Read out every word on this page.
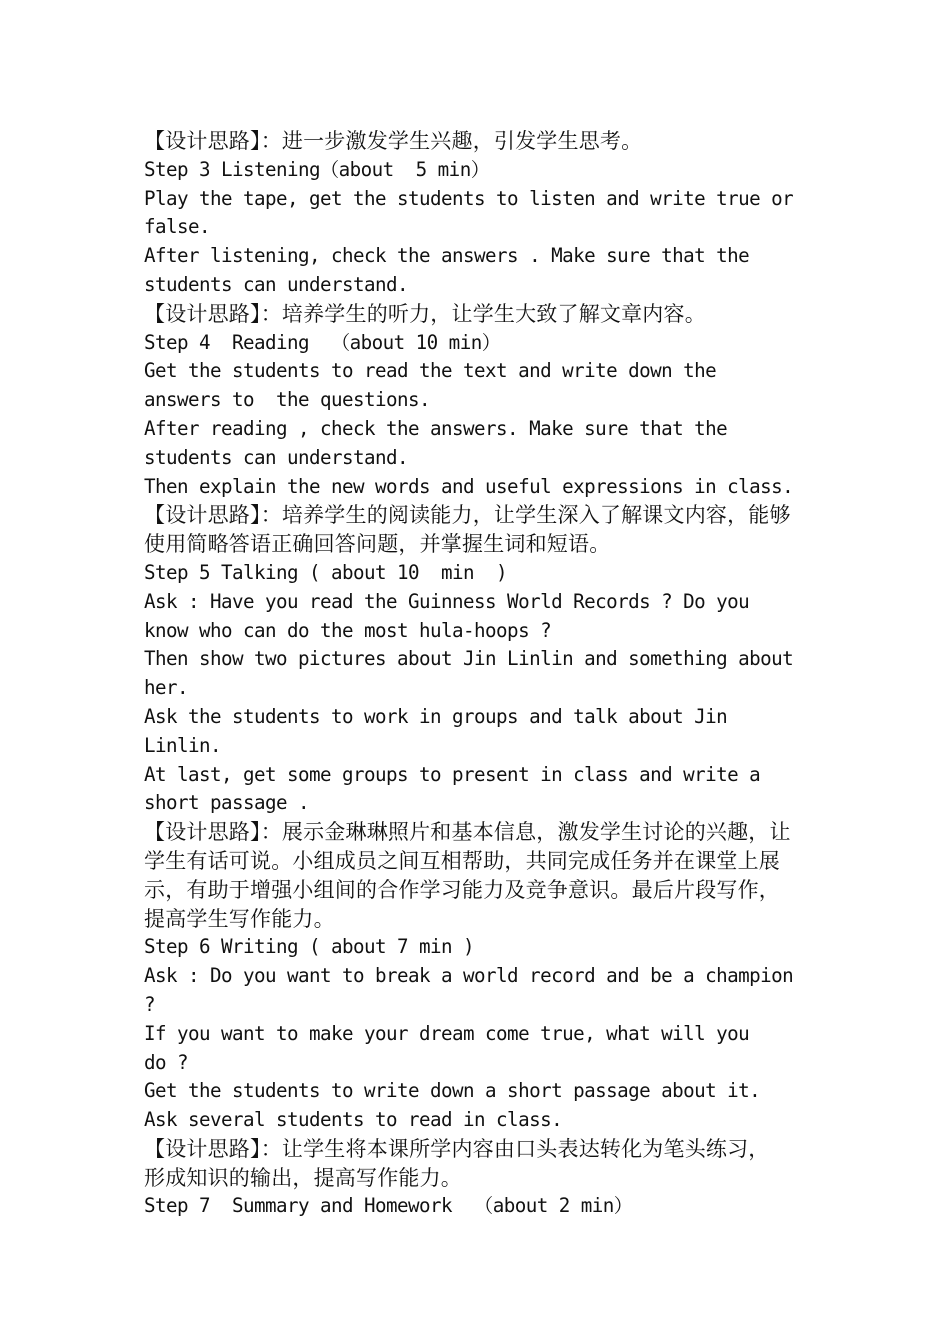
【设计思路】：进一步激发学生兴趣，引发学生思考。
Step 3 Listening（about  5 min）
Play the tape, get the students to listen and write true or
false.
After listening, check the answers . Make sure that the
students can understand.
【设计思路】：培养学生的听力，让学生大致了解文章内容。
Step 4  Reading  （about 10 min）
Get the students to read the text and write down the
answers to  the questions.
After reading , check the answers. Make sure that the
students can understand.
Then explain the new words and useful expressions in class.
【设计思路】：培养学生的阅读能力，让学生深入了解课文内容，能够
使用简略答语正确回答问题，并掌握生词和短语。
Step 5 Talking ( about 10  min  )
Ask : Have you read the Guinness World Records ? Do you
know who can do the most hula-hoops ?
Then show two pictures about Jin Linlin and something about
her.
Ask the students to work in groups and talk about Jin
Linlin.
At last, get some groups to present in class and write a
short passage .
【设计思路】：展示金琳琳照片和基本信息，激发学生讨论的兴趣，让
学生有话可说。小组成员之间互相帮助，共同完成任务并在课堂上展
示，有助于增强小组间的合作学习能力及竞争意识。最后片段写作，
提高学生写作能力。
Step 6 Writing ( about 7 min )
Ask : Do you want to break a world record and be a champion
?
If you want to make your dream come true, what will you
do ?
Get the students to write down a short passage about it.
Ask several students to read in class.
【设计思路】：让学生将本课所学内容由口头表达转化为笔头练习，
形成知识的输出，提高写作能力。
Step 7  Summary and Homework  （about 2 min）
